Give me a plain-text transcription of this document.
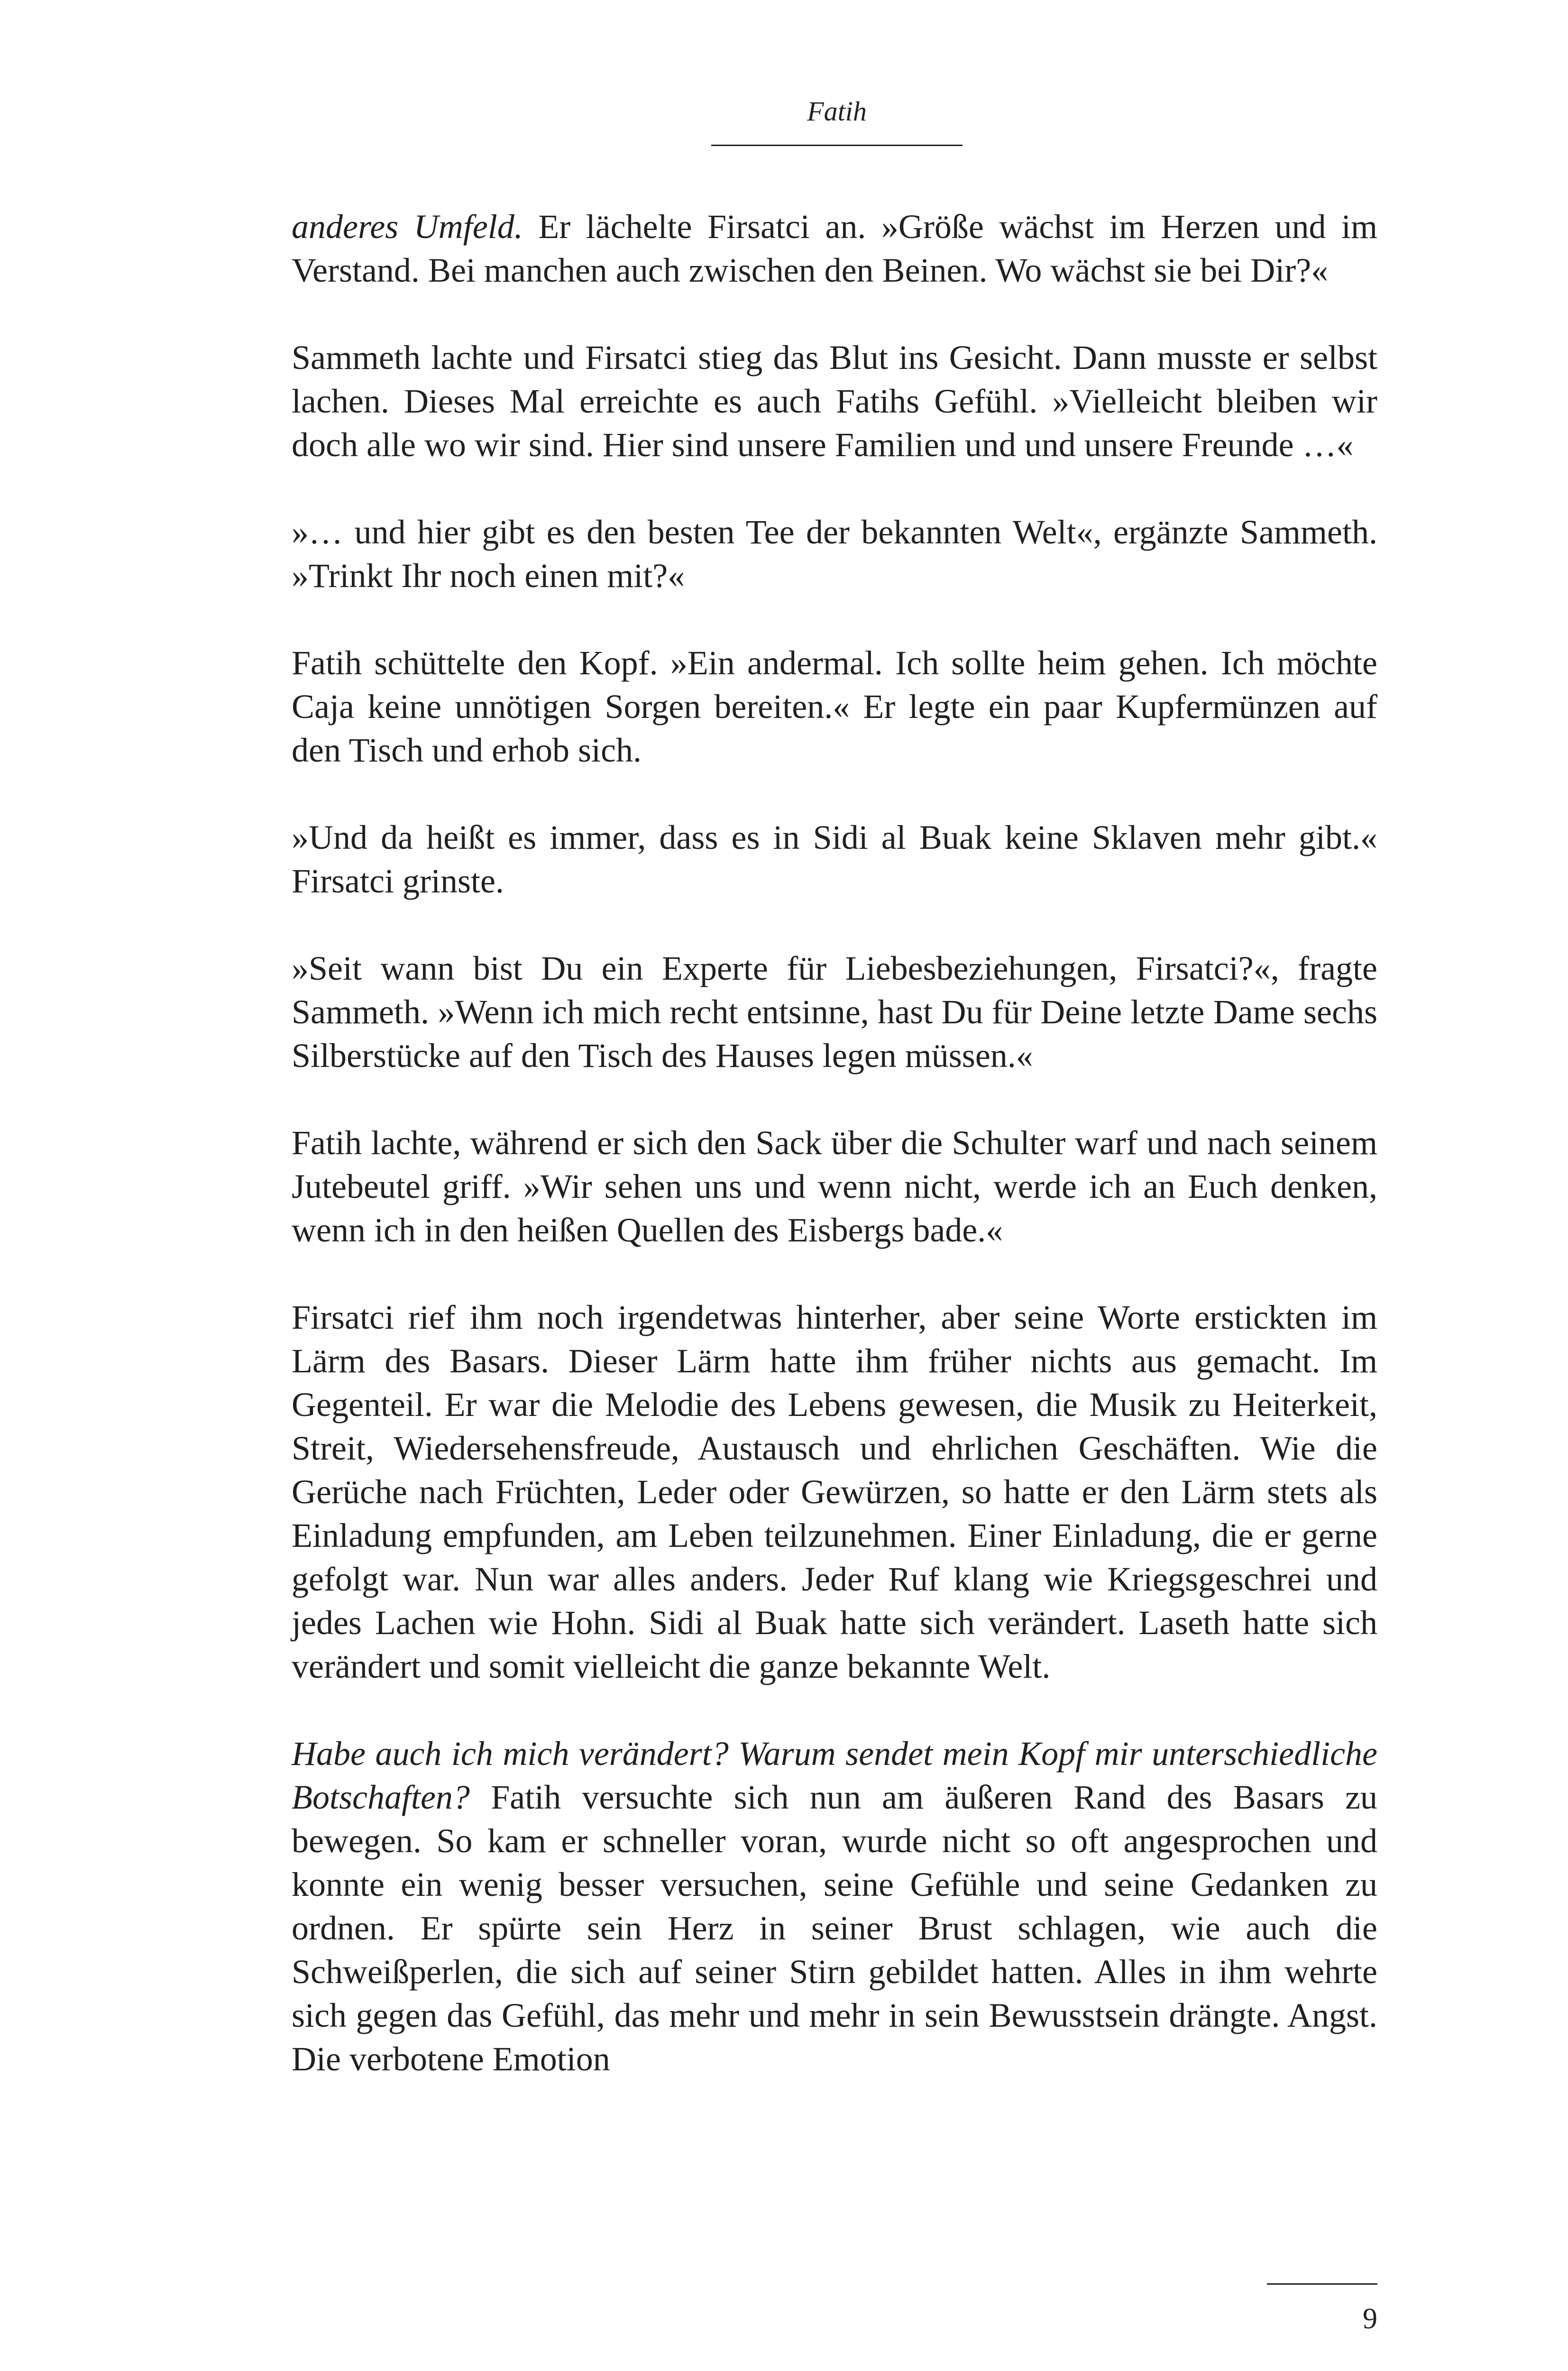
Fatih

anderes Umfeld. Er lächelte Firsatci an. »Größe wächst im Herzen und im Verstand. Bei manchen auch zwischen den Beinen. Wo wächst sie bei Dir?«

Sammeth lachte und Firsatci stieg das Blut ins Gesicht. Dann musste er selbst lachen. Dieses Mal erreichte es auch Fatihs Gefühl. »Vielleicht bleiben wir doch alle wo wir sind. Hier sind unsere Familien und und unsere Freunde …«

»… und hier gibt es den besten Tee der bekannten Welt«, ergänzte Sammeth. »Trinkt Ihr noch einen mit?«

Fatih schüttelte den Kopf. »Ein andermal. Ich sollte heim gehen. Ich möchte Caja keine unnötigen Sorgen bereiten.« Er legte ein paar Kupfermünzen auf den Tisch und erhob sich.

»Und da heißt es immer, dass es in Sidi al Buak keine Sklaven mehr gibt.« Firsatci grinste.

»Seit wann bist Du ein Experte für Liebesbeziehungen, Firsatci?«, fragte Sammeth. »Wenn ich mich recht entsinne, hast Du für Deine letzte Dame sechs Silberstücke auf den Tisch des Hauses legen müssen.«

Fatih lachte, während er sich den Sack über die Schulter warf und nach seinem Jutebeutel griff. »Wir sehen uns und wenn nicht, werde ich an Euch denken, wenn ich in den heißen Quellen des Eisbergs bade.«

Firsatci rief ihm noch irgendetwas hinterher, aber seine Worte erstickten im Lärm des Basars. Dieser Lärm hatte ihm früher nichts aus gemacht. Im Gegenteil. Er war die Melodie des Lebens gewesen, die Musik zu Heiterkeit, Streit, Wiedersehensfreude, Austausch und ehrlichen Geschäften. Wie die Gerüche nach Früchten, Leder oder Gewürzen, so hatte er den Lärm stets als Einladung empfunden, am Leben teilzunehmen. Einer Einladung, die er gerne gefolgt war. Nun war alles anders. Jeder Ruf klang wie Kriegsgeschrei und jedes Lachen wie Hohn. Sidi al Buak hatte sich verändert. Laseth hatte sich verändert und somit vielleicht die ganze bekannte Welt.

Habe auch ich mich verändert? Warum sendet mein Kopf mir unterschiedliche Botschaften? Fatih versuchte sich nun am äußeren Rand des Basars zu bewegen. So kam er schneller voran, wurde nicht so oft angesprochen und konnte ein wenig besser versuchen, seine Gefühle und seine Gedanken zu ordnen. Er spürte sein Herz in seiner Brust schlagen, wie auch die Schweißperlen, die sich auf seiner Stirn gebildet hatten. Alles in ihm wehrte sich gegen das Gefühl, das mehr und mehr in sein Bewusstsein drängte. Angst. Die verbotene Emotion

9
